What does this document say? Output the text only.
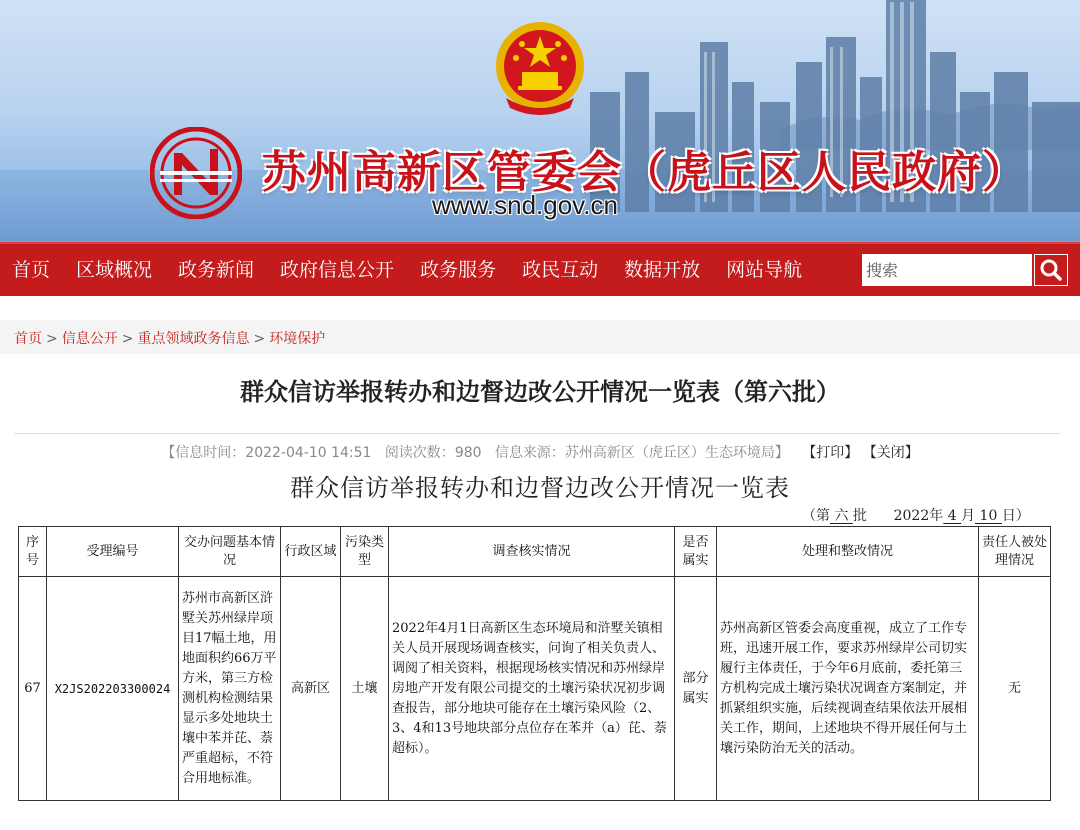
苏州高新区管委会（虎丘区人民政府）
www.snd.gov.cn
首页	区域概况	政务新闻	政府信息公开	政务服务	政民互动	数据开放	网站导航
搜索
首页 > 信息公开 > 重点领域政务信息 > 环境保护
群众信访举报转办和边督边改公开情况一览表（第六批）
【信息时间：2022-04-10 14:51 阅读次数：980 信息来源：苏州高新区（虎丘区）生态环境局】 【打印】 【关闭】
群众信访举报转办和边督边改公开情况一览表
（第 六 批 2022年 4 月 10 日）
序号	受理编号	交办问题基本情况	行政区域	污染类型	调查核实情况	是否属实	处理和整改情况	责任人被处理情况
67	X2JS202203300024	苏州市高新区浒墅关苏州绿岸项目17幅土地，用地面积约66万平方米，第三方检测机构检测结果显示多处地块土壤中苯并芘、萘严重超标，不符合用地标准。	高新区	土壤	2022年4月1日高新区生态环境局和浒墅关镇相关人员开展现场调查核实，问询了相关负责人、调阅了相关资料，根据现场核实情况和苏州绿岸房地产开发有限公司提交的土壤污染状况初步调查报告，部分地块可能存在土壤污染风险（2、3、4和13号地块部分点位存在苯并（a）芘、萘超标）。	部分属实	苏州高新区管委会高度重视，成立了工作专班，迅速开展工作，要求苏州绿岸公司切实履行主体责任，于今年6月底前，委托第三方机构完成土壤污染状况调查方案制定，并抓紧组织实施，后续视调查结果依法开展相关工作，期间，上述地块不得开展任何与土壤污染防治无关的活动。	无
